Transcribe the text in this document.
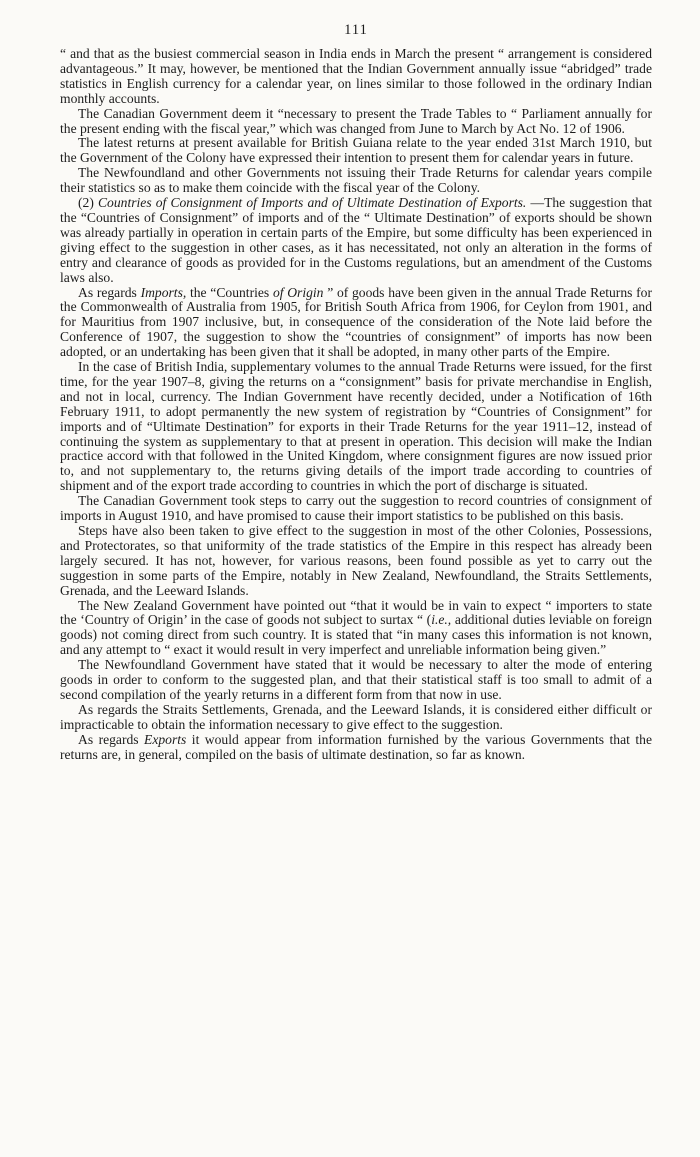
111

“ and that as the busiest commercial season in India ends in March the present “ arrangement is considered advantageous.” It may, however, be mentioned that the Indian Government annually issue “abridged” trade statistics in English currency for a calendar year, on lines similar to those followed in the ordinary Indian monthly accounts.

The Canadian Government deem it “necessary to present the Trade Tables to “ Parliament annually for the present ending with the fiscal year,” which was changed from June to March by Act No. 12 of 1906.

The latest returns at present available for British Guiana relate to the year ended 31st March 1910, but the Government of the Colony have expressed their intention to present them for calendar years in future.

The Newfoundland and other Governments not issuing their Trade Returns for calendar years compile their statistics so as to make them coincide with the fiscal year of the Colony.

(2) Countries of Consignment of Imports and of Ultimate Destination of Exports. —The suggestion that the “Countries of Consignment” of imports and of the “ Ultimate Destination” of exports should be shown was already partially in operation in certain parts of the Empire, but some difficulty has been experienced in giving effect to the suggestion in other cases, as it has necessitated, not only an alteration in the forms of entry and clearance of goods as provided for in the Customs regulations, but an amendment of the Customs laws also.

As regards Imports, the “Countries of Origin ” of goods have been given in the annual Trade Returns for the Commonwealth of Australia from 1905, for British South Africa from 1906, for Ceylon from 1901, and for Mauritius from 1907 inclusive, but, in consequence of the consideration of the Note laid before the Conference of 1907, the suggestion to show the “countries of consignment” of imports has now been adopted, or an undertaking has been given that it shall be adopted, in many other parts of the Empire.

In the case of British India, supplementary volumes to the annual Trade Returns were issued, for the first time, for the year 1907–8, giving the returns on a “consignment” basis for private merchandise in English, and not in local, currency. The Indian Government have recently decided, under a Notification of 16th February 1911, to adopt permanently the new system of registration by “Countries of Consignment” for imports and of “Ultimate Destination” for exports in their Trade Returns for the year 1911–12, instead of continuing the system as supplementary to that at present in operation. This decision will make the Indian practice accord with that followed in the United Kingdom, where consignment figures are now issued prior to, and not supplementary to, the returns giving details of the import trade according to countries of shipment and of the export trade according to countries in which the port of discharge is situated.

The Canadian Government took steps to carry out the suggestion to record countries of consignment of imports in August 1910, and have promised to cause their import statistics to be published on this basis.

Steps have also been taken to give effect to the suggestion in most of the other Colonies, Possessions, and Protectorates, so that uniformity of the trade statistics of the Empire in this respect has already been largely secured. It has not, however, for various reasons, been found possible as yet to carry out the suggestion in some parts of the Empire, notably in New Zealand, Newfoundland, the Straits Settlements, Grenada, and the Leeward Islands.

The New Zealand Government have pointed out “that it would be in vain to expect “ importers to state the ‘Country of Origin’ in the case of goods not subject to surtax “ (i.e., additional duties leviable on foreign goods) not coming direct from such country. It is stated that “in many cases this information is not known, and any attempt to “ exact it would result in very imperfect and unreliable information being given.”

The Newfoundland Government have stated that it would be necessary to alter the mode of entering goods in order to conform to the suggested plan, and that their statistical staff is too small to admit of a second compilation of the yearly returns in a different form from that now in use.

As regards the Straits Settlements, Grenada, and the Leeward Islands, it is considered either difficult or impracticable to obtain the information necessary to give effect to the suggestion.

As regards Exports it would appear from information furnished by the various Governments that the returns are, in general, compiled on the basis of ultimate destination, so far as known.
